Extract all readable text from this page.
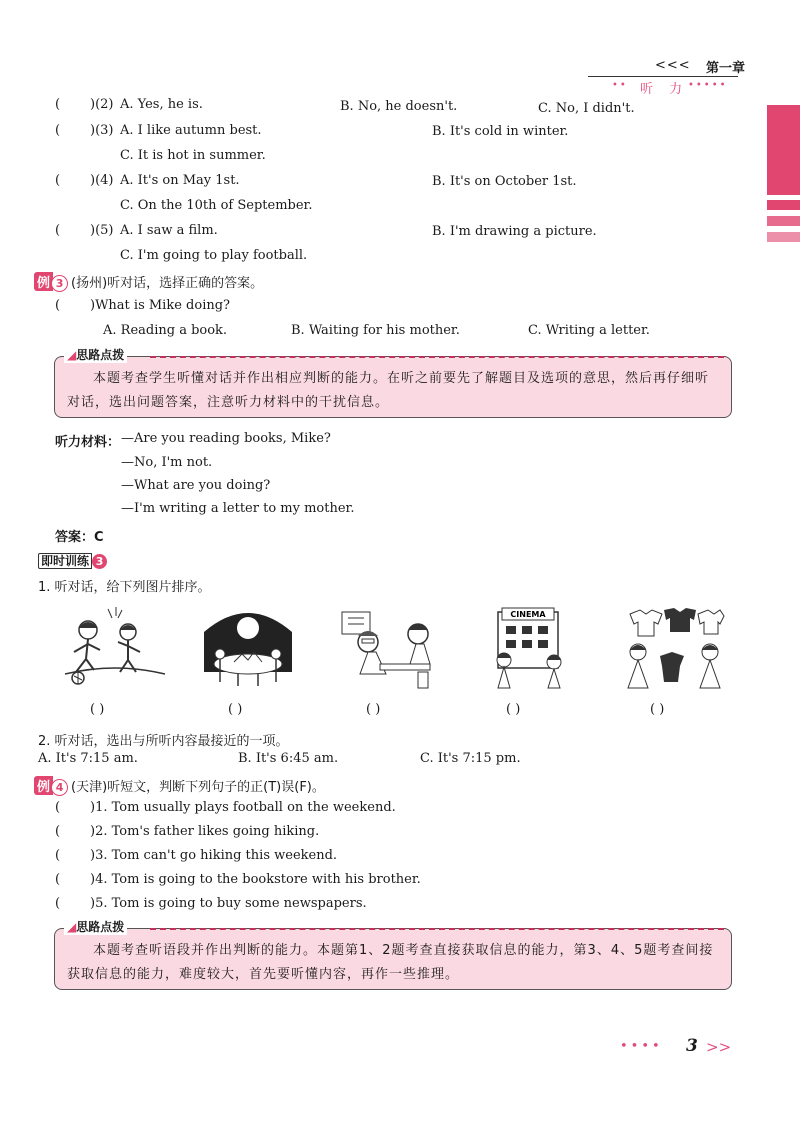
<<< 第一章
•• 听 力 •••••
( )(2) A. Yes, he is.	B. No, he doesn't.	C. No, I didn't.
( )(3) A. I like autumn best.	B. It's cold in winter.
C. It is hot in summer.
( )(4) A. It's on May 1st.	B. It's on October 1st.
C. On the 10th of September.
( )(5) A. I saw a film.	B. I'm drawing a picture.
C. I'm going to play football.
例 3 (扬州)听对话，选择正确的答案。
( )What is Mike doing?
A. Reading a book.	B. Waiting for his mother.	C. Writing a letter.
本题考查学生听懂对话并作出相应判断的能力。在听之前要先了解题目及选项的意思，然后再仔细听对话，选出问题答案，注意听力材料中的干扰信息。
◢思路点拨
听力材料： —Are you reading books, Mike?
—No, I'm not.
—What are you doing?
—I'm writing a letter to my mother.
答案：C
即时训练 3
1. 听对话，给下列图片排序。
CINEMA
( )	( )	( )	( )	( )
2. 听对话，选出与所听内容最接近的一项。
A. It's 7:15 am.	B. It's 6:45 am.	C. It's 7:15 pm.
例 4 (天津)听短文，判断下列句子的正(T)误(F)。
( )1. Tom usually plays football on the weekend.
( )2. Tom's father likes going hiking.
( )3. Tom can't go hiking this weekend.
( )4. Tom is going to the bookstore with his brother.
( )5. Tom is going to buy some newspapers.
本题考查听语段并作出判断的能力。本题第1、2题考查直接获取信息的能力，第3、4、5题考查间接获取信息的能力，难度较大，首先要听懂内容，再作一些推理。
◢思路点拨
•••• 3 >>
